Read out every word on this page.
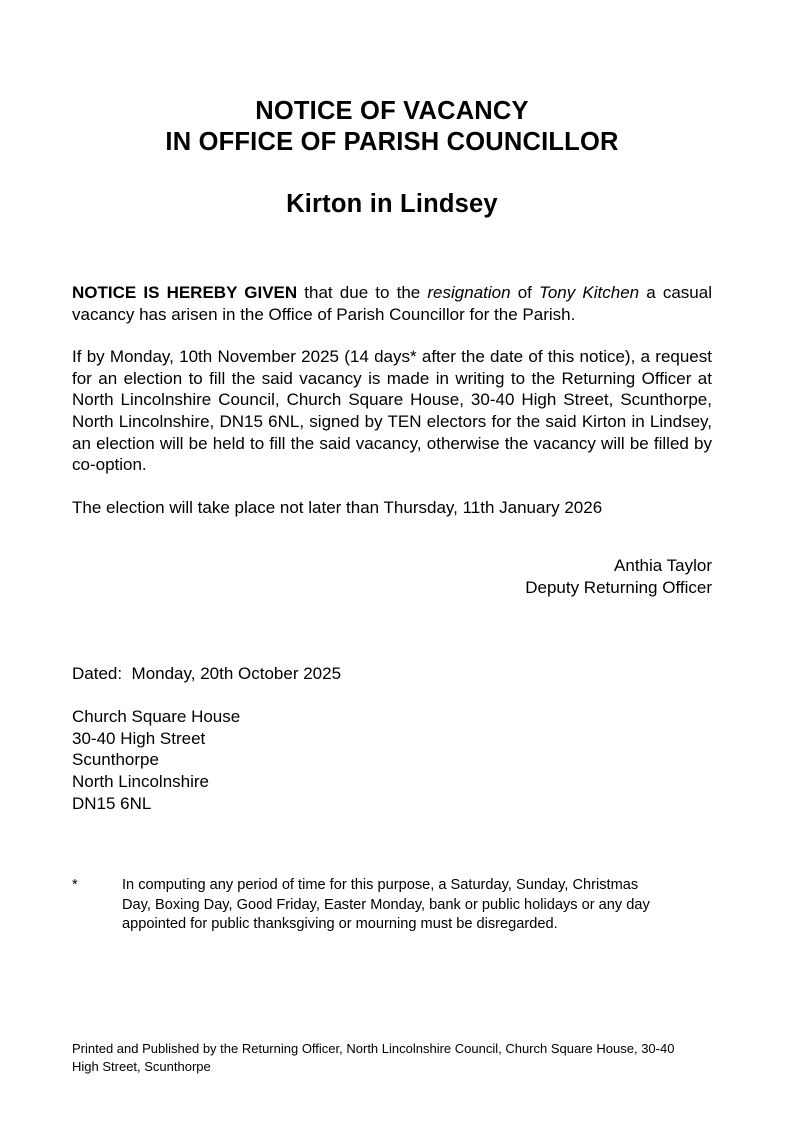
NOTICE OF VACANCY
IN OFFICE OF PARISH COUNCILLOR
Kirton in Lindsey

NOTICE IS HEREBY GIVEN that due to the resignation of Tony Kitchen a casual vacancy has arisen in the Office of Parish Councillor for the Parish.

If by Monday, 10th November 2025 (14 days* after the date of this notice), a request for an election to fill the said vacancy is made in writing to the Returning Officer at North Lincolnshire Council, Church Square House, 30-40 High Street, Scunthorpe, North Lincolnshire, DN15 6NL, signed by TEN electors for the said Kirton in Lindsey, an election will be held to fill the said vacancy, otherwise the vacancy will be filled by co-option.

The election will take place not later than Thursday, 11th January 2026

Anthia Taylor
Deputy Returning Officer
Dated:  Monday, 20th October 2025
Church Square House
30-40 High Street
Scunthorpe
North Lincolnshire
DN15 6NL
*	In computing any period of time for this purpose, a Saturday, Sunday, Christmas Day, Boxing Day, Good Friday, Easter Monday, bank or public holidays or any day appointed for public thanksgiving or mourning must be disregarded.
Printed and Published by the Returning Officer, North Lincolnshire Council, Church Square House, 30-40 High Street, Scunthorpe
